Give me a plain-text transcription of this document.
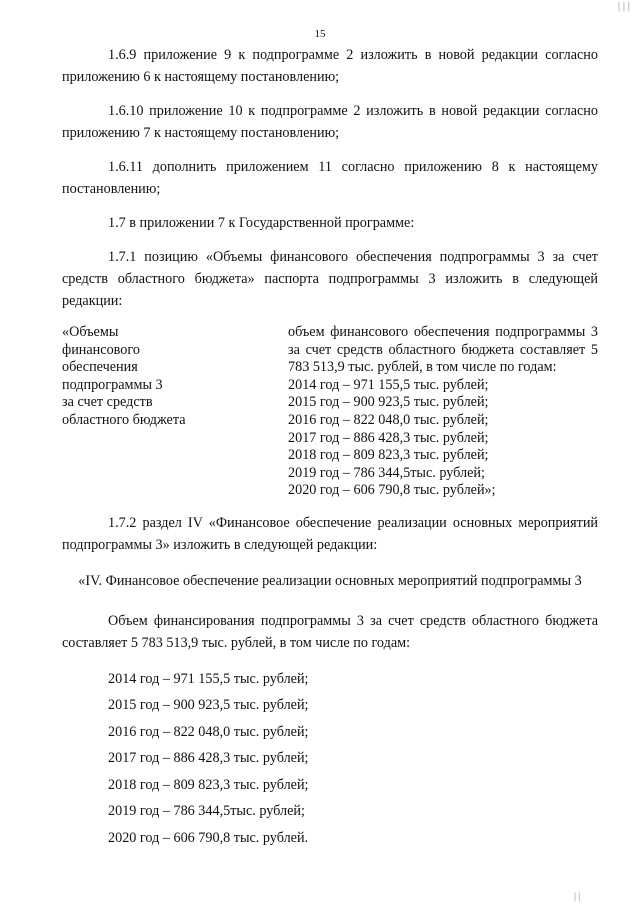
| | |
15

1.6.9 приложение 9 к подпрограмме 2 изложить в новой редакции согласно приложению 6 к настоящему постановлению;

1.6.10 приложение 10 к подпрограмме 2 изложить в новой редакции согласно приложению 7 к настоящему постановлению;

1.6.11 дополнить приложением 11 согласно приложению 8 к настоящему постановлению;

1.7 в приложении 7 к Государственной программе:

1.7.1 позицию «Объемы финансового обеспечения подпрограммы 3 за счет средств областного бюджета» паспорта подпрограммы 3 изложить в следующей редакции:

«Объемы
финансового
обеспечения
подпрограммы 3
за счет средств
областного бюджета
объем финансового обеспечения подпрограммы 3 за счет средств областного бюджета составляет 5 783 513,9 тыс. рублей, в том числе по годам:
2014 год – 971 155,5 тыс. рублей;
2015 год – 900 923,5 тыс. рублей;
2016 год – 822 048,0 тыс. рублей;
2017 год – 886 428,3 тыс. рублей;
2018 год – 809 823,3 тыс. рублей;
2019 год – 786 344,5тыс. рублей;
2020 год – 606 790,8 тыс. рублей»;

1.7.2 раздел IV «Финансовое обеспечение реализации основных мероприятий подпрограммы 3» изложить в следующей редакции:

«IV. Финансовое обеспечение реализации основных мероприятий подпрограммы 3

Объем финансирования подпрограммы 3 за счет средств областного бюджета составляет 5 783 513,9 тыс. рублей, в том числе по годам:

2014 год – 971 155,5 тыс. рублей;
2015 год – 900 923,5 тыс. рублей;
2016 год – 822 048,0 тыс. рублей;
2017 год – 886 428,3 тыс. рублей;
2018 год – 809 823,3 тыс. рублей;
2019 год – 786 344,5тыс. рублей;
2020 год – 606 790,8 тыс. рублей.
| |
